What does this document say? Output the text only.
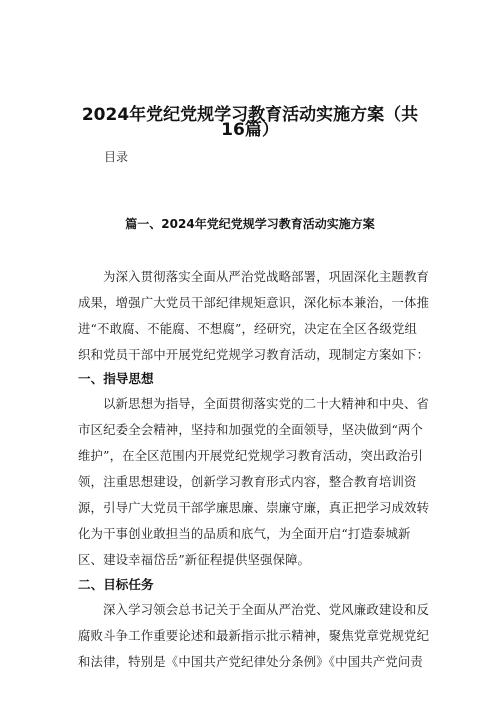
2024年党纪党规学习教育活动实施方案（共
16篇）
目录
篇一、2024年党纪党规学习教育活动实施方案
为深入贯彻落实全面从严治党战略部署，巩固深化主题教育
成果，增强广大党员干部纪律规矩意识，深化标本兼治，一体推
进“不敢腐、不能腐、不想腐”，经研究，决定在全区各级党组
织和党员干部中开展党纪党规学习教育活动，现制定方案如下：
一、指导思想
以新思想为指导，全面贯彻落实党的二十大精神和中央、省
市区纪委全会精神，坚持和加强党的全面领导，坚决做到“两个
维护”，在全区范围内开展党纪党规学习教育活动，突出政治引
领，注重思想建设，创新学习教育形式内容，整合教育培训资
源，引导广大党员干部学廉思廉、崇廉守廉，真正把学习成效转
化为干事创业敢担当的品质和底气，为全面开启“打造泰城新
区、建设幸福岱岳”新征程提供坚强保障。
二、目标任务
深入学习领会总书记关于全面从严治党、党风廉政建设和反
腐败斗争工作重要论述和最新指示批示精神，聚焦党章党规党纪
和法律，特别是《中国共产党纪律处分条例》《中国共产党问责
